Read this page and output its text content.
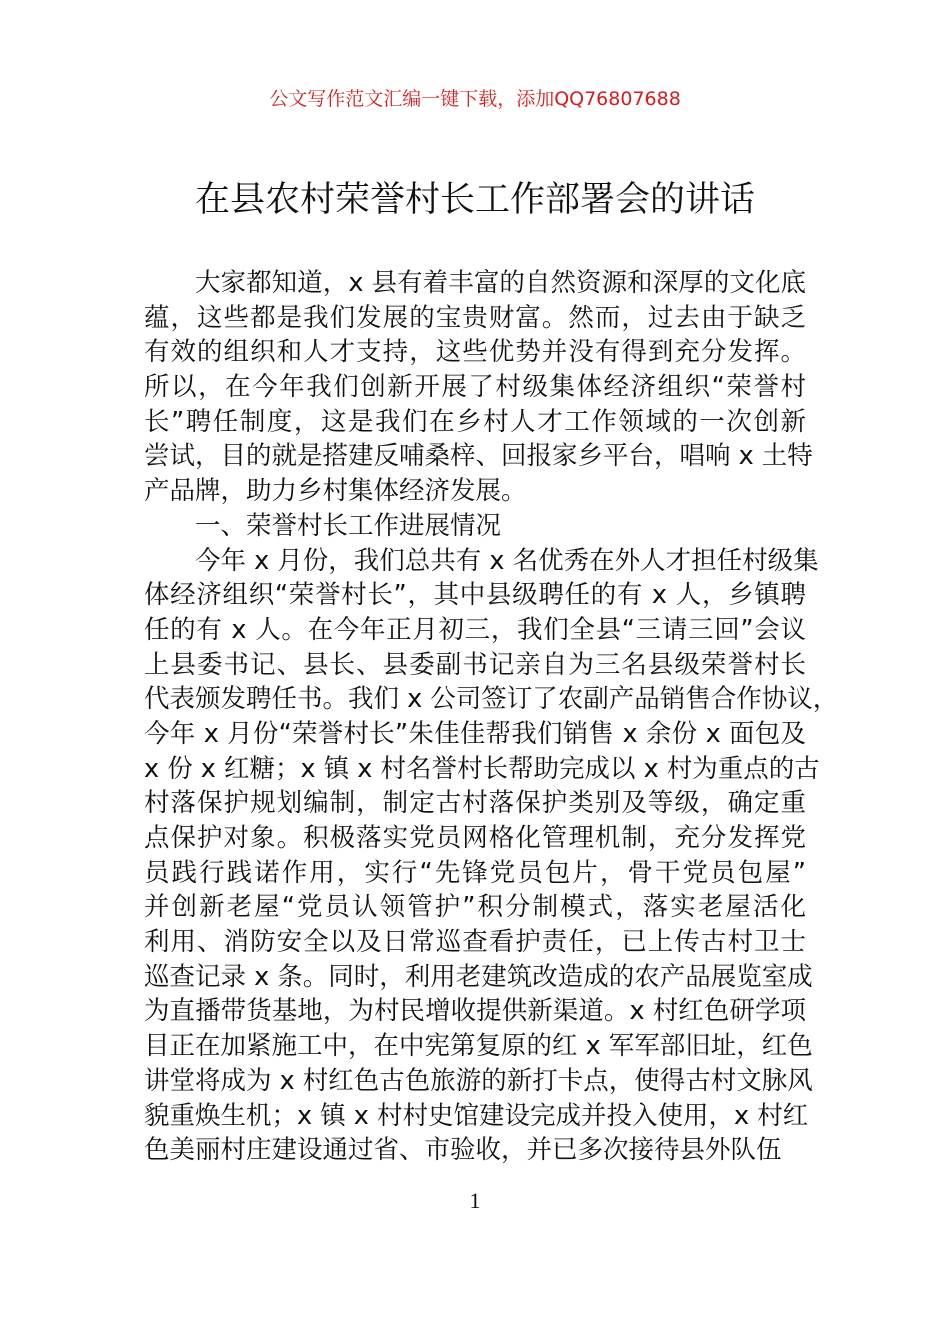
公文写作范文汇编一键下载，添加QQ76807688
在县农村荣誉村长工作部署会的讲话
大家都知道，x 县有着丰富的自然资源和深厚的文化底
蕴，这些都是我们发展的宝贵财富。然而，过去由于缺乏
有效的组织和人才支持，这些优势并没有得到充分发挥。
所以，在今年我们创新开展了村级集体经济组织“荣誉村
长”聘任制度，这是我们在乡村人才工作领域的一次创新
尝试，目的就是搭建反哺桑梓、回报家乡平台，唱响 x 土特
产品牌，助力乡村集体经济发展。
一、荣誉村长工作进展情况
今年 x 月份，我们总共有 x 名优秀在外人才担任村级集
体经济组织“荣誉村长”，其中县级聘任的有 x 人，乡镇聘
任的有 x 人。在今年正月初三，我们全县“三请三回”会议
上县委书记、县长、县委副书记亲自为三名县级荣誉村长
代表颁发聘任书。我们 x 公司签订了农副产品销售合作协议，
今年 x 月份“荣誉村长”朱佳佳帮我们销售 x 余份 x 面包及
x 份 x 红糖；x 镇 x 村名誉村长帮助完成以 x 村为重点的古
村落保护规划编制，制定古村落保护类别及等级，确定重
点保护对象。积极落实党员网格化管理机制，充分发挥党
员践行践诺作用，实行“先锋党员包片，骨干党员包屋”
并创新老屋“党员认领管护”积分制模式，落实老屋活化
利用、消防安全以及日常巡查看护责任，已上传古村卫士
巡查记录 x 条。同时，利用老建筑改造成的农产品展览室成
为直播带货基地，为村民增收提供新渠道。x 村红色研学项
目正在加紧施工中，在中宪第复原的红 x 军军部旧址，红色
讲堂将成为 x 村红色古色旅游的新打卡点，使得古村文脉风
貌重焕生机；x 镇 x 村村史馆建设完成并投入使用，x 村红
色美丽村庄建设通过省、市验收，并已多次接待县外队伍
1
